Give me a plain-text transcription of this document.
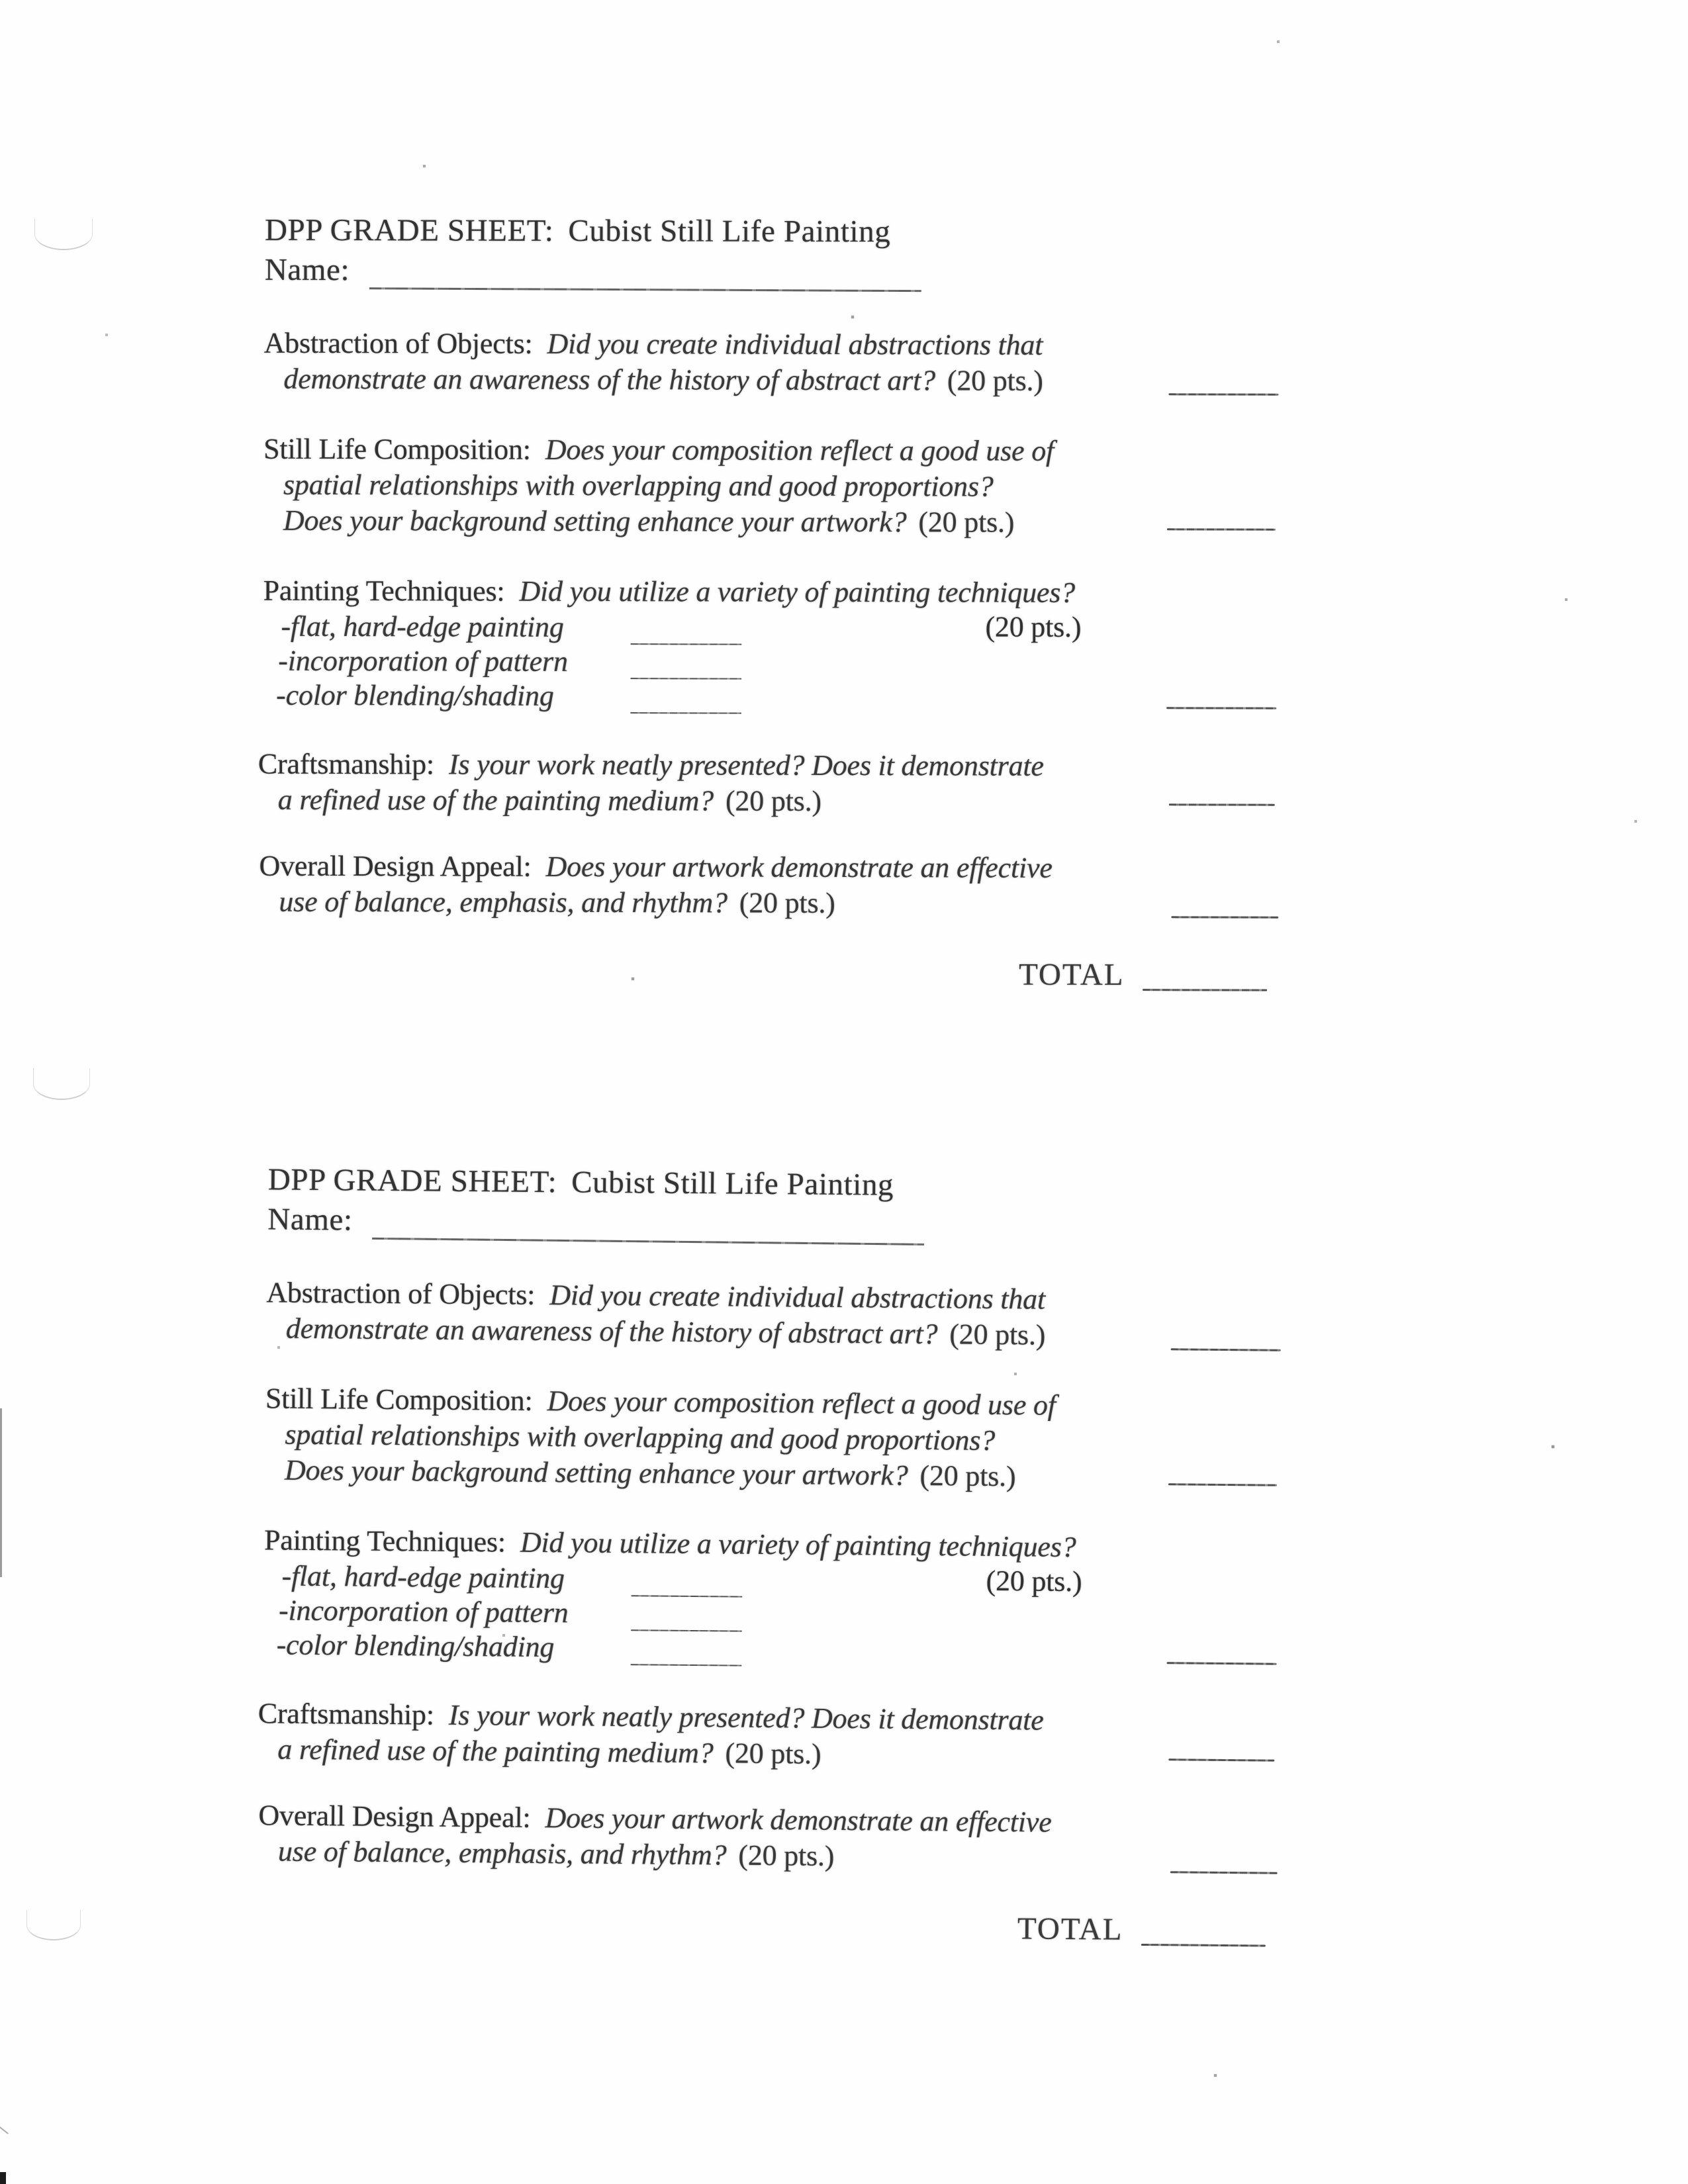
DPP GRADE SHEET: Cubist Still Life Painting
Name:
Abstraction of Objects: Did you create individual abstractions that
demonstrate an awareness of the history of abstract art? (20 pts.)
Still Life Composition: Does your composition reflect a good use of
spatial relationships with overlapping and good proportions?
Does your background setting enhance your artwork? (20 pts.)
Painting Techniques: Did you utilize a variety of painting techniques?
-flat, hard-edge painting	(20 pts.)
-incorporation of pattern
-color blending/shading
Craftsmanship: Is your work neatly presented? Does it demonstrate
a refined use of the painting medium? (20 pts.)
Overall Design Appeal: Does your artwork demonstrate an effective
use of balance, emphasis, and rhythm? (20 pts.)
TOTAL
DPP GRADE SHEET: Cubist Still Life Painting
Name:
Abstraction of Objects: Did you create individual abstractions that
demonstrate an awareness of the history of abstract art? (20 pts.)
Still Life Composition: Does your composition reflect a good use of
spatial relationships with overlapping and good proportions?
Does your background setting enhance your artwork? (20 pts.)
Painting Techniques: Did you utilize a variety of painting techniques?
-flat, hard-edge painting	(20 pts.)
-incorporation of pattern
-color blending/shading
Craftsmanship: Is your work neatly presented? Does it demonstrate
a refined use of the painting medium? (20 pts.)
Overall Design Appeal: Does your artwork demonstrate an effective
use of balance, emphasis, and rhythm? (20 pts.)
TOTAL
